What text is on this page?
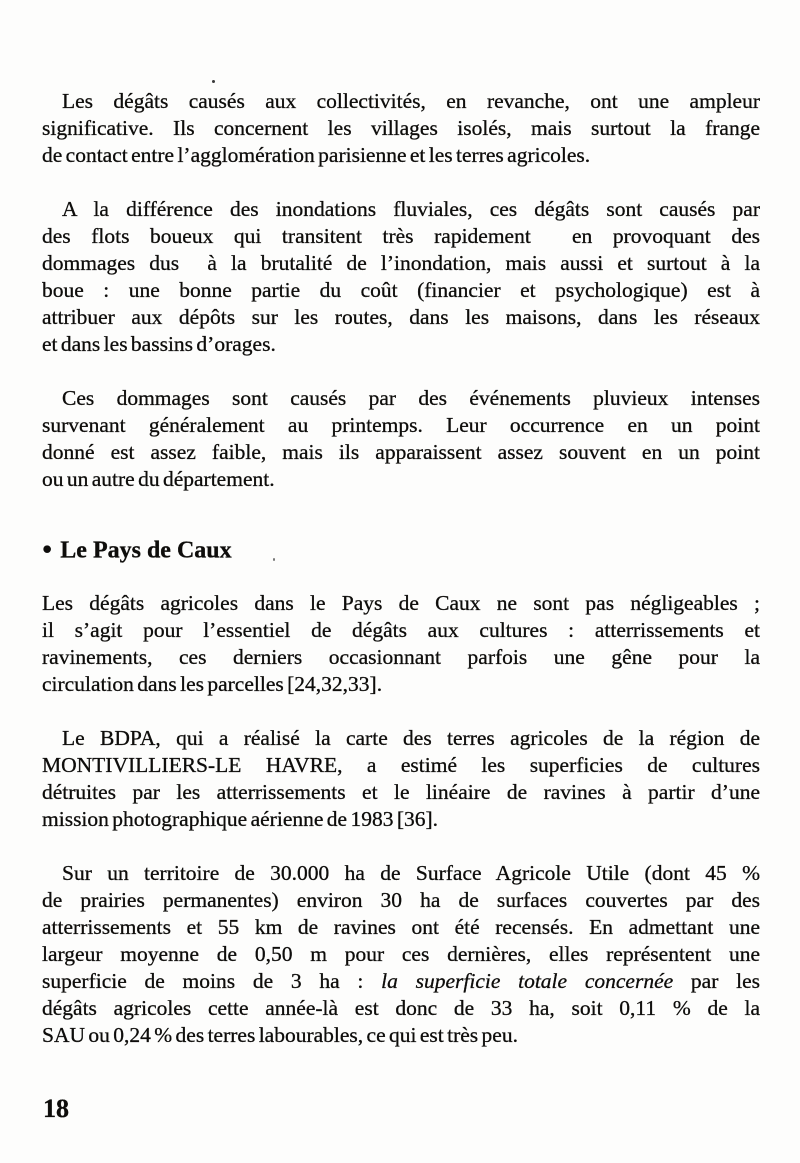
Les dégâts causés aux collectivités, en revanche, ont une ampleur
significative. Ils concernent les villages isolés, mais surtout la frange
de contact entre l’agglomération parisienne et les terres agricoles.
A la différence des inondations fluviales, ces dégâts sont causés par
des flots boueux qui transitent très rapidement  en provoquant des
dommages dus  à la brutalité de l’inondation, mais aussi et surtout à la
boue : une bonne partie du coût (financier et psychologique) est à
attribuer aux dépôts sur les routes, dans les maisons, dans les réseaux
et dans les bassins d’orages.
Ces dommages sont causés par des événements pluvieux intenses
survenant généralement au printemps. Leur occurrence en un point
donné est assez faible, mais ils apparaissent assez souvent en un point
ou un autre du département.
● Le Pays de Caux
Les dégâts agricoles dans le Pays de Caux ne sont pas négligeables ;
il s’agit pour l’essentiel de dégâts aux cultures : atterrissements et
ravinements, ces derniers occasionnant parfois une gêne pour la
circulation dans les parcelles [24,32,33].
Le BDPA, qui a réalisé la carte des terres agricoles de la région de
MONTIVILLIERS-LE HAVRE, a estimé les superficies de cultures
détruites par les atterrissements et le linéaire de ravines à partir d’une
mission photographique aérienne de 1983 [36].
Sur un territoire de 30.000 ha de Surface Agricole Utile (dont 45 %
de prairies permanentes) environ 30 ha de surfaces couvertes par des
atterrissements et 55 km de ravines ont été recensés. En admettant une
largeur moyenne de 0,50 m pour ces dernières, elles représentent une
superficie de moins de 3 ha : la superficie totale concernée par les
dégâts agricoles cette année-là est donc de 33 ha, soit 0,11 % de la
SAU ou 0,24 % des terres labourables, ce qui est très peu.
18
